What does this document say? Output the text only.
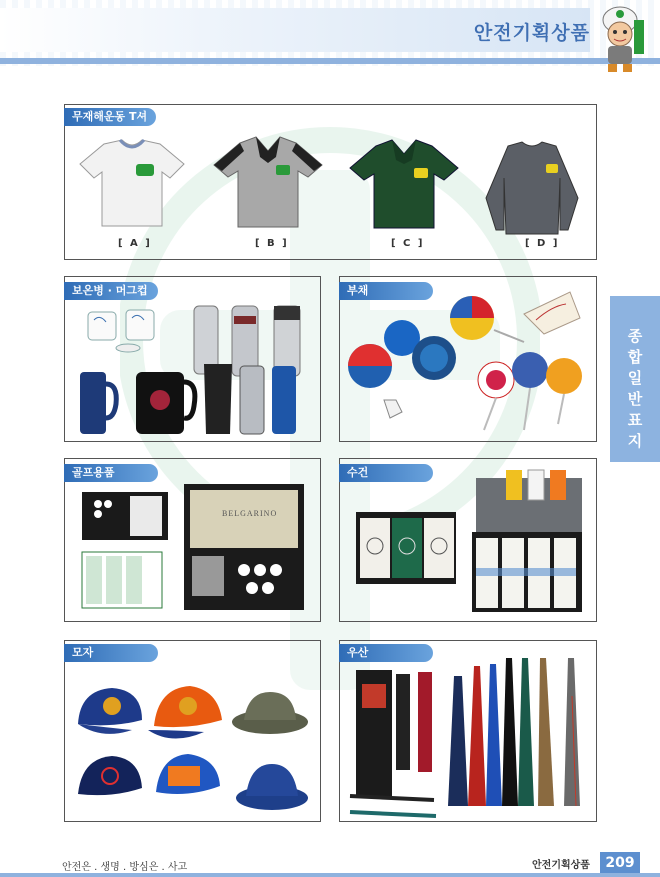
안전기획상품
종
합
일
반
표
지
무재해운동 T셔츠
[ A ]	[ B ]	[ C ]	[ D ]
보온병 · 머그컵	부채
골프용품
BELGARINO
수건
모자	우산
안전은 . 생명 . 방심은 . 사고	안전기획상품	209
